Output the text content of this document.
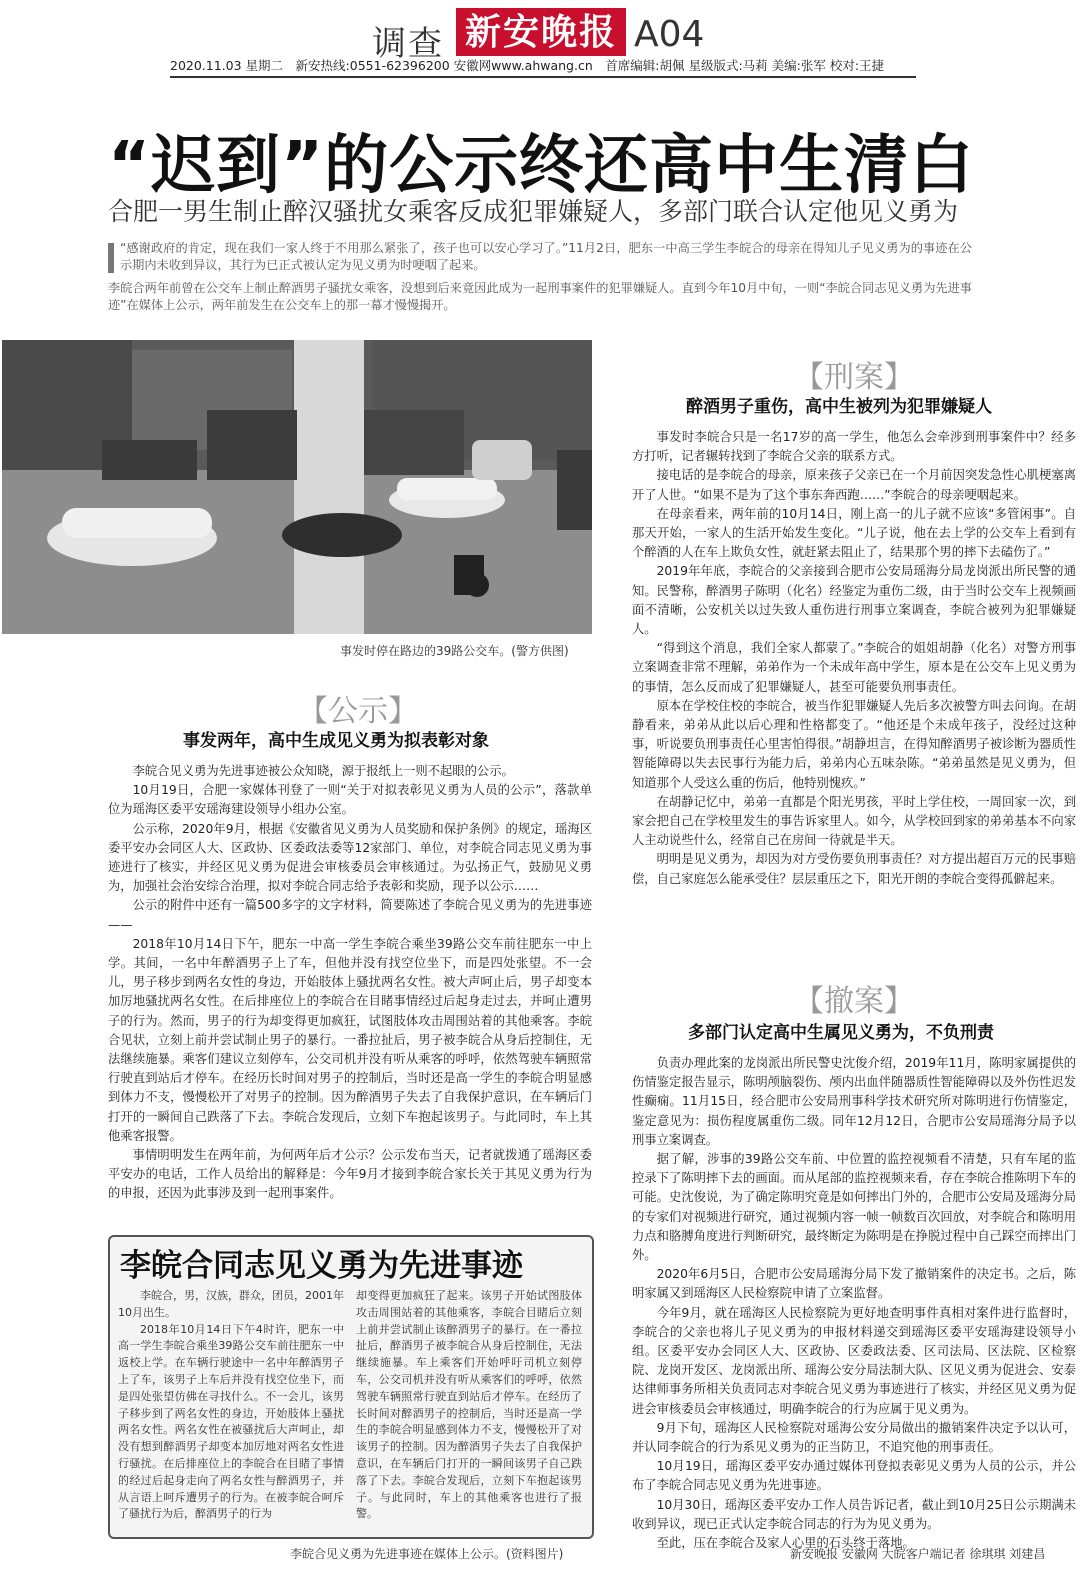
调查 新安晚报 A04
2020.11.03 星期二　新安热线:0551-62396200 安徽网www.ahwang.cn　首席编辑:胡佩 星级版式:马莉 美编:张军 校对:王捷
“迟到”的公示终还高中生清白
合肥一男生制止醉汉骚扰女乘客反成犯罪嫌疑人，多部门联合认定他见义勇为
“感谢政府的肯定，现在我们一家人终于不用那么紧张了，孩子也可以安心学习了。”11月2日，肥东一中高三学生李皖合的母亲在得知儿子见义勇为的事迹在公示期内未收到异议，其行为已正式被认定为见义勇为时哽咽了起来。
李皖合两年前曾在公交车上制止醉酒男子骚扰女乘客，没想到后来竟因此成为一起刑事案件的犯罪嫌疑人。直到今年10月中旬，一则“李皖合同志见义勇为先进事迹”在媒体上公示，两年前发生在公交车上的那一幕才慢慢揭开。
事发时停在路边的39路公交车。(警方供图)
【公示】
事发两年，高中生成见义勇为拟表彰对象

李皖合见义勇为先进事迹被公众知晓，源于报纸上一则不起眼的公示。

10月19日，合肥一家媒体刊登了一则“关于对拟表彰见义勇为人员的公示”，落款单位为瑶海区委平安瑶海建设领导小组办公室。

公示称，2020年9月，根据《安徽省见义勇为人员奖励和保护条例》的规定，瑶海区委平安办会同区人大、区政协、区委政法委等12家部门、单位，对李皖合同志见义勇为事迹进行了核实，并经区见义勇为促进会审核委员会审核通过。为弘扬正气，鼓励见义勇为，加强社会治安综合治理，拟对李皖合同志给予表彰和奖励，现予以公示……

公示的附件中还有一篇500多字的文字材料，简要陈述了李皖合见义勇为的先进事迹——

2018年10月14日下午，肥东一中高一学生李皖合乘坐39路公交车前往肥东一中上学。其间，一名中年醉酒男子上了车，但他并没有找空位坐下，而是四处张望。不一会儿，男子移步到两名女性的身边，开始肢体上骚扰两名女性。被大声呵止后，男子却变本加厉地骚扰两名女性。在后排座位上的李皖合在目睹事情经过后起身走过去，并呵止遭男子的行为。然而，男子的行为却变得更加疯狂，试图肢体攻击周围站着的其他乘客。李皖合见状，立刻上前并尝试制止男子的暴行。一番拉扯后，男子被李皖合从身后控制住，无法继续施暴。乘客们建议立刻停车，公交司机并没有听从乘客的呼呼，依然驾驶车辆照常行驶直到站后才停车。在经历长时间对男子的控制后，当时还是高一学生的李皖合明显感到体力不支，慢慢松开了对男子的控制。因为醉酒男子失去了自我保护意识，在车辆后门打开的一瞬间自己跌落了下去。李皖合发现后，立刻下车抱起该男子。与此同时，车上其他乘客报警。

事情明明发生在两年前，为何两年后才公示？公示发布当天，记者就拨通了瑶海区委平安办的电话，工作人员给出的解释是：今年9月才接到李皖合家长关于其见义勇为行为的申报，还因为此事涉及到一起刑事案件。

【刑案】
醉酒男子重伤，高中生被列为犯罪嫌疑人

事发时李皖合只是一名17岁的高一学生，他怎么会牵涉到刑事案件中？经多方打听，记者辗转找到了李皖合父亲的联系方式。

接电话的是李皖合的母亲，原来孩子父亲已在一个月前因突发急性心肌梗塞离开了人世。“如果不是为了这个事东奔西跑……”李皖合的母亲哽咽起来。

在母亲看来，两年前的10月14日，刚上高一的儿子就不应该“多管闲事”。自那天开始，一家人的生活开始发生变化。“儿子说，他在去上学的公交车上看到有个醉酒的人在车上欺负女性，就赶紧去阻止了，结果那个男的摔下去磕伤了。”

2019年年底，李皖合的父亲接到合肥市公安局瑶海分局龙岗派出所民警的通知。民警称，醉酒男子陈明（化名）经鉴定为重伤二级，由于当时公交车上视频画面不清晰，公安机关以过失致人重伤进行刑事立案调查，李皖合被列为犯罪嫌疑人。

“得到这个消息，我们全家人都蒙了。”李皖合的姐姐胡静（化名）对警方刑事立案调查非常不理解，弟弟作为一个未成年高中学生，原本是在公交车上见义勇为的事情，怎么反而成了犯罪嫌疑人，甚至可能要负刑事责任。

原本在学校住校的李皖合，被当作犯罪嫌疑人先后多次被警方叫去问询。在胡静看来，弟弟从此以后心理和性格都变了。“他还是个未成年孩子，没经过这种事，听说要负刑事责任心里害怕得很。”胡静坦言，在得知醉酒男子被诊断为器质性智能障碍以失去民事行为能力后，弟弟内心五味杂陈。“弟弟虽然是见义勇为，但知道那个人受这么重的伤后，他特别愧疚。”

在胡静记忆中，弟弟一直都是个阳光男孩，平时上学住校，一周回家一次，到家会把自己在学校里发生的事告诉家里人。如今，从学校回到家的弟弟基本不向家人主动说些什么，经常自己在房间一待就是半天。

明明是见义勇为，却因为对方受伤要负刑事责任？对方提出超百万元的民事赔偿，自己家庭怎么能承受住？层层重压之下，阳光开朗的李皖合变得孤僻起来。

【撤案】
多部门认定高中生属见义勇为，不负刑责

负责办理此案的龙岗派出所民警史沈俊介绍，2019年11月，陈明家属提供的伤情鉴定报告显示，陈明颅脑裂伤、颅内出血伴随器质性智能障碍以及外伤性迟发性癫痫。11月15日，经合肥市公安局刑事科学技术研究所对陈明进行伤情鉴定，鉴定意见为：损伤程度属重伤二级。同年12月12日，合肥市公安局瑶海分局予以刑事立案调查。

据了解，涉事的39路公交车前、中位置的监控视频看不清楚，只有车尾的监控录下了陈明摔下去的画面。而从尾部的监控视频来看，存在李皖合推陈明下车的可能。史沈俊说，为了确定陈明究竟是如何摔出门外的，合肥市公安局及瑶海分局的专家们对视频进行研究，通过视频内容一帧一帧数百次回放，对李皖合和陈明用力点和胳膊角度进行判断研究，最终断定为陈明是在挣脱过程中自己踩空而摔出门外。

2020年6月5日，合肥市公安局瑶海分局下发了撤销案件的决定书。之后，陈明家属又到瑶海区人民检察院申请了立案监督。

今年9月，就在瑶海区人民检察院为更好地查明事件真相对案件进行监督时，李皖合的父亲也将儿子见义勇为的申报材料递交到瑶海区委平安瑶海建设领导小组。区委平安办会同区人大、区政协、区委政法委、区司法局、区法院、区检察院、龙岗开发区、龙岗派出所、瑶海公安分局法制大队、区见义勇为促进会、安泰达律师事务所相关负责同志对李皖合见义勇为事迹进行了核实，并经区见义勇为促进会审核委员会审核通过，明确李皖合的行为应属于见义勇为。

9月下旬，瑶海区人民检察院对瑶海公安分局做出的撤销案件决定予以认可，并认同李皖合的行为系见义勇为的正当防卫，不追究他的刑事责任。

10月19日，瑶海区委平安办通过媒体刊登拟表彰见义勇为人员的公示，并公布了李皖合同志见义勇为先进事迹。

10月30日，瑶海区委平安办工作人员告诉记者，截止到10月25日公示期满未收到异议，现已正式认定李皖合同志的行为为见义勇为。

至此，压在李皖合及家人心里的石头终于落地。

李皖合同志见义勇为先进事迹

李皖合，男，汉族，群众，团员，2001年10月出生。

2018年10月14日下午4时许，肥东一中高一学生李皖合乘坐39路公交车前往肥东一中返校上学。在车辆行驶途中一名中年醉酒男子上了车，该男子上车后并没有找空位坐下，而是四处张望仿佛在寻找什么。不一会儿，该男子移步到了两名女性的身边，开始肢体上骚扰两名女性。两名女性在被骚扰后大声呵止，却没有想到醉酒男子却变本加厉地对两名女性进行骚扰。在后排座位上的李皖合在目睹了事情的经过后起身走向了两名女性与醉酒男子，并从言语上呵斥遭男子的行为。在被李皖合呵斥了骚扰行为后，醉酒男子的行为

却变得更加疯狂了起来。该男子开始试图肢体攻击周围站着的其他乘客，李皖合目睹后立刻上前并尝试制止该醉酒男子的暴行。在一番拉扯后，醉酒男子被李皖合从身后控制住，无法继续施暴。车上乘客们开始呼吁司机立刻停车，公交司机并没有听从乘客们的呼呼，依然驾驶车辆照常行驶直到站后才停车。在经历了长时间对醉酒男子的控制后，当时还是高一学生的李皖合明显感到体力不支，慢慢松开了对该男子的控制。因为醉酒男子失去了自我保护意识，在车辆后门打开的一瞬间该男子自己跌落了下去。李皖合发现后，立刻下车抱起该男子。与此同时，车上的其他乘客也进行了报警。

李皖合见义勇为先进事迹在媒体上公示。(资料图片)	新安晚报 安徽网 大皖客户端记者 徐琪琪 刘建昌
